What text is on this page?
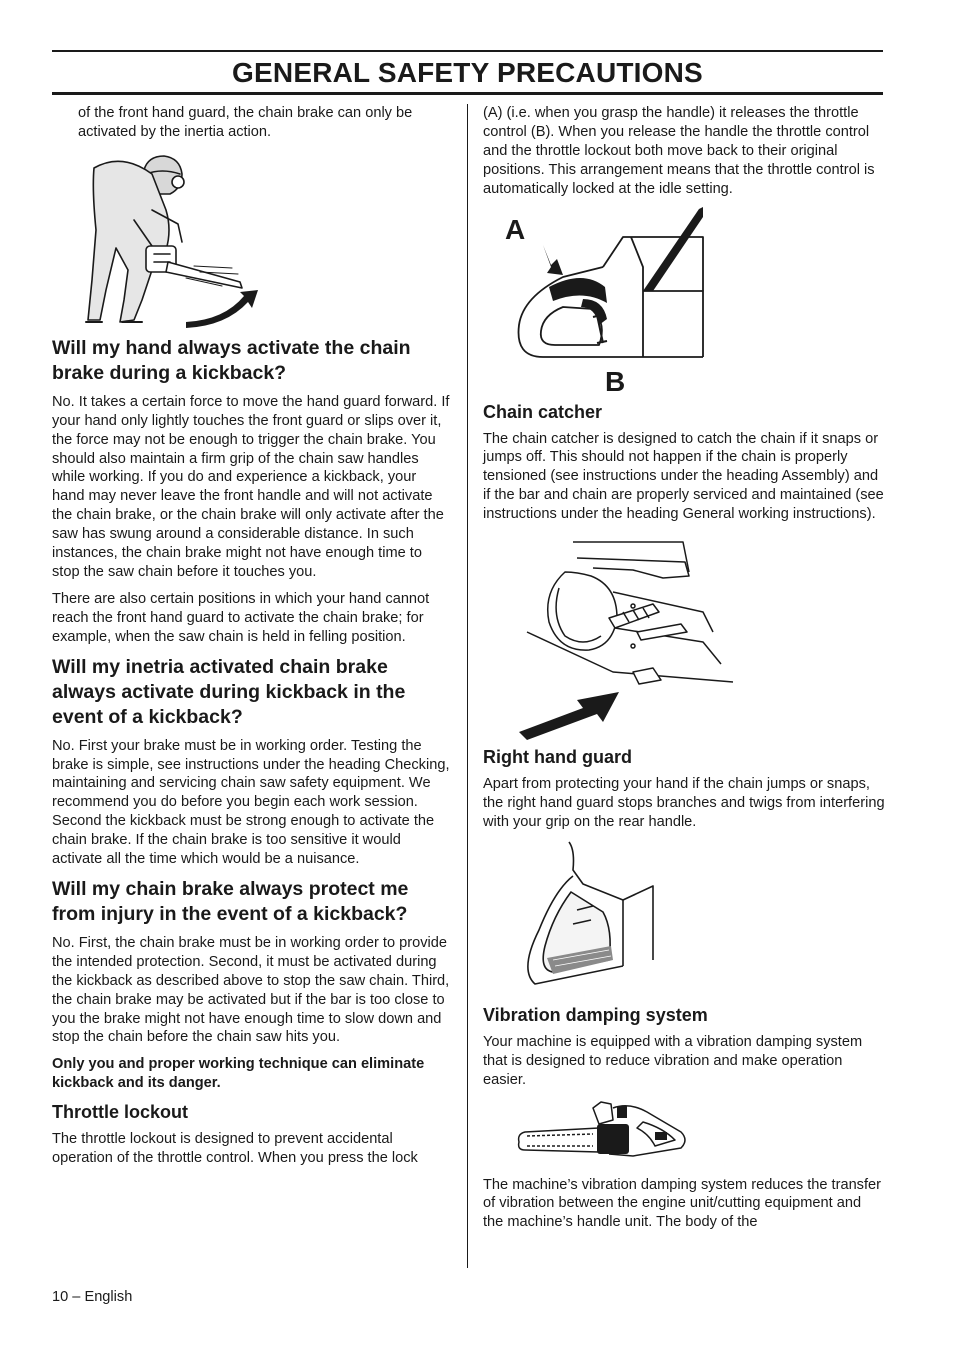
GENERAL SAFETY PRECAUTIONS

of the front hand guard, the chain brake can only be activated by the inertia action.

Will my hand always activate the chain brake during a kickback?

No. It takes a certain force to move the hand guard forward. If your hand only lightly touches the front guard or slips over it, the force may not be enough to trigger the chain brake. You should also maintain a firm grip of the chain saw handles while working. If you do and experience a kickback, your hand may never leave the front handle and will not activate the chain brake, or the chain brake will only activate after the saw has swung around a considerable distance. In such instances, the chain brake might not have enough time to stop the saw chain before it touches you.

There are also certain positions in which your hand cannot reach the front hand guard to activate the chain brake; for example, when the saw chain is held in felling position.

Will my inetria activated chain brake always activate during kickback in the event of a kickback?

No. First your brake must be in working order. Testing the brake is simple, see instructions under the heading Checking, maintaining and servicing chain saw safety equipment. We recommend you do before you begin each work session. Second the kickback must be strong enough to activate the chain brake. If the chain brake is too sensitive it would activate all the time which would be a nuisance.

Will my chain brake always protect me from injury in the event of a kickback?

No. First, the chain brake must be in working order to provide the intended protection. Second, it must be activated during the kickback as described above to stop the saw chain. Third, the chain brake may be activated but if the bar is too close to you the brake might not have enough time to slow down and stop the chain before the chain saw hits you.

Only you and proper working technique can eliminate kickback and its danger.

Throttle lockout

The throttle lockout is designed to prevent accidental operation of the throttle control. When you press the lock

(A) (i.e. when you grasp the handle) it releases the throttle control (B). When you release the handle the throttle control and the throttle lockout both move back to their original positions. This arrangement means that the throttle control is automatically locked at the idle setting.

A
B
Chain catcher

The chain catcher is designed to catch the chain if it snaps or jumps off. This should not happen if the chain is properly tensioned (see instructions under the heading Assembly) and if the bar and chain are properly serviced and maintained (see instructions under the heading General working instructions).

Right hand guard

Apart from protecting your hand if the chain jumps or snaps, the right hand guard stops branches and twigs from interfering with your grip on the rear handle.

Vibration damping system

Your machine is equipped with a vibration damping system that is designed to reduce vibration and make operation easier.

The machine’s vibration damping system reduces the transfer of vibration between the engine unit/cutting equipment and the machine’s handle unit. The body of the

10 – English
